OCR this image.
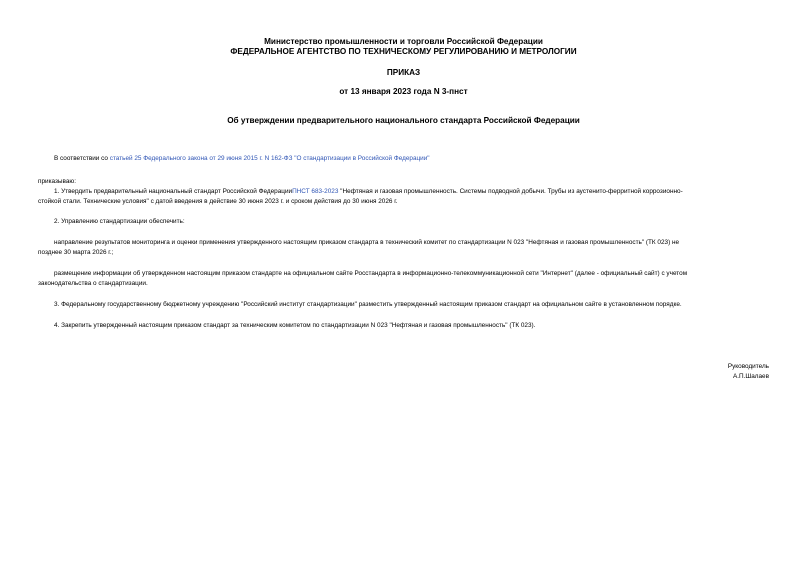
Министерство промышленности и торговли Российской Федерации
ФЕДЕРАЛЬНОЕ АГЕНТСТВО ПО ТЕХНИЧЕСКОМУ РЕГУЛИРОВАНИЮ И МЕТРОЛОГИИ
ПРИКАЗ
от 13 января 2023 года N 3-пнст
Об утверждении предварительного национального стандарта Российской Федерации
В соответствии со статьей 25 Федерального закона от 29 июня 2015 г. N 162-ФЗ "О стандартизации в Российской Федерации"
приказываю:
1. Утвердить предварительный национальный стандарт Российской ФедерацииПНСТ 683-2023 "Нефтяная и газовая промышленность. Системы подводной добычи. Трубы из аустенито-ферритной коррозионно-
стойкой стали. Технические условия" с датой введения в действие 30 июня 2023 г. и сроком действия до 30 июня 2026 г.
2. Управлению стандартизации обеспечить:
направление результатов мониторинга и оценки применения утвержденного настоящим приказом стандарта в технический комитет по стандартизации N 023 "Нефтяная и газовая промышленность" (ТК 023) не
позднее 30 марта 2026 г.;
размещение информации об утвержденном настоящим приказом стандарте на официальном сайте Росстандарта в информационно-телекоммуникационной сети "Интернет" (далее - официальный сайт) с учетом
законодательства о стандартизации.
3. Федеральному государственному бюджетному учреждению "Российский институт стандартизации" разместить утвержденный настоящим приказом стандарт на официальном сайте в установленном порядке.
4. Закрепить утвержденный настоящим приказом стандарт за техническим комитетом по стандартизации N 023 "Нефтяная и газовая промышленность" (ТК 023).
Руководитель
А.П.Шалаев
